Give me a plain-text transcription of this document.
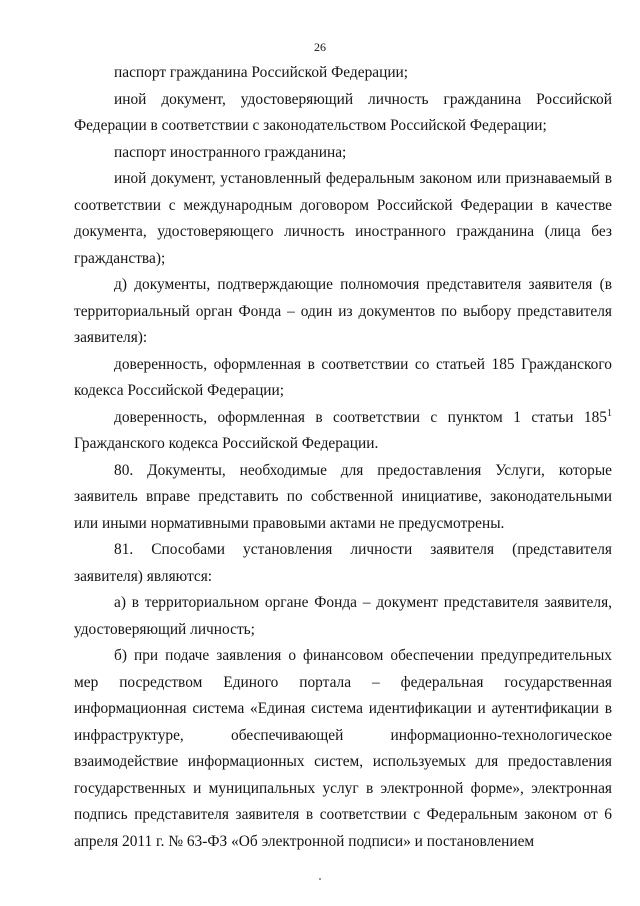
26

паспорт гражданина Российской Федерации;

иной документ, удостоверяющий личность гражданина Российской Федерации в соответствии с законодательством Российской Федерации;

паспорт иностранного гражданина;

иной документ, установленный федеральным законом или признаваемый в соответствии с международным договором Российской Федерации в качестве документа, удостоверяющего личность иностранного гражданина (лица без гражданства);

д) документы, подтверждающие полномочия представителя заявителя (в территориальный орган Фонда – один из документов по выбору представителя заявителя):

доверенность, оформленная в соответствии со статьей 185 Гражданского кодекса Российской Федерации;

доверенность, оформленная в соответствии с пунктом 1 статьи $185^1$ Гражданского кодекса Российской Федерации.

80. Документы, необходимые для предоставления Услуги, которые заявитель вправе представить по собственной инициативе, законодательными или иными нормативными правовыми актами не предусмотрены.

81. Способами установления личности заявителя (представителя заявителя) являются:

а) в территориальном органе Фонда – документ представителя заявителя, удостоверяющий личность;

б) при подаче заявления о финансовом обеспечении предупредительных мер посредством Единого портала – федеральная государственная информационная система «Единая система идентификации и аутентификации в инфраструктуре, обеспечивающей информационно-технологическое взаимодействие информационных систем, используемых для предоставления государственных и муниципальных услуг в электронной форме», электронная подпись представителя заявителя в соответствии с Федеральным законом от 6 апреля 2011 г. № 63-ФЗ «Об электронной подписи» и постановлением
